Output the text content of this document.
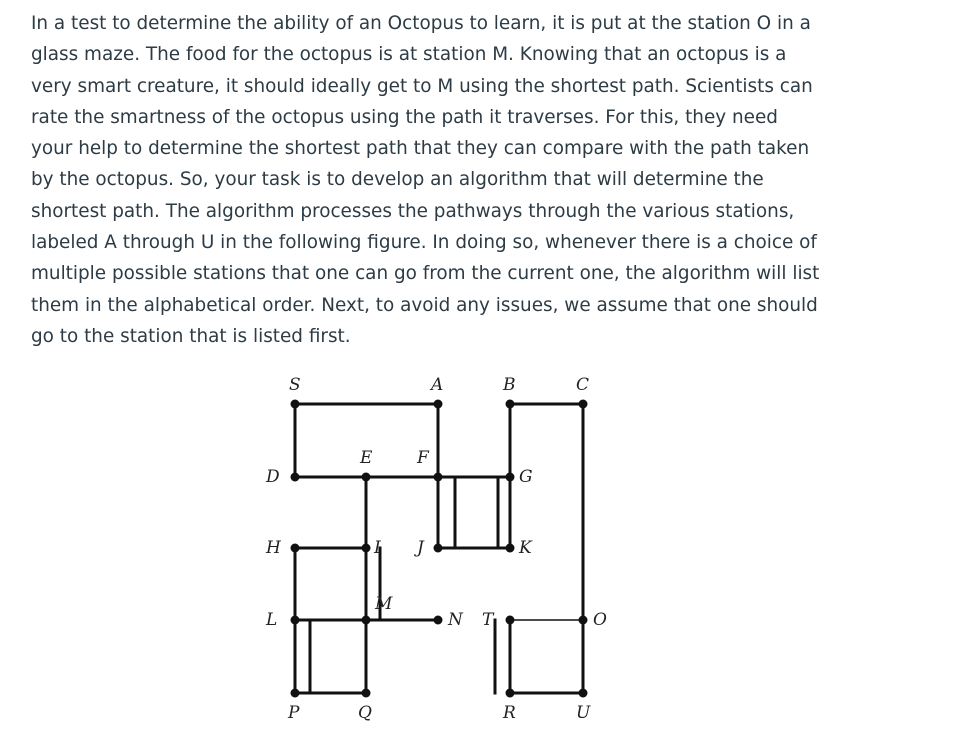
In a test to determine the ability of an Octopus to learn, it is put at the station O in a
glass maze. The food for the octopus is at station M. Knowing that an octopus is a
very smart creature, it should ideally get to M using the shortest path. Scientists can
rate the smartness of the octopus using the path it traverses. For this, they need
your help to determine the shortest path that they can compare with the path taken
by the octopus. So, your task is to develop an algorithm that will determine the
shortest path. The algorithm processes the pathways through the various stations,
labeled A through U in the following figure. In doing so, whenever there is a choice of
multiple possible stations that one can go from the current one, the algorithm will list
them in the alphabetical order. Next, to avoid any issues, we assume that one should
go to the station that is listed first.
S	A	B	C
D
E	F
G
H	I J	K
L
M
N T	O
P	Q	R	U
